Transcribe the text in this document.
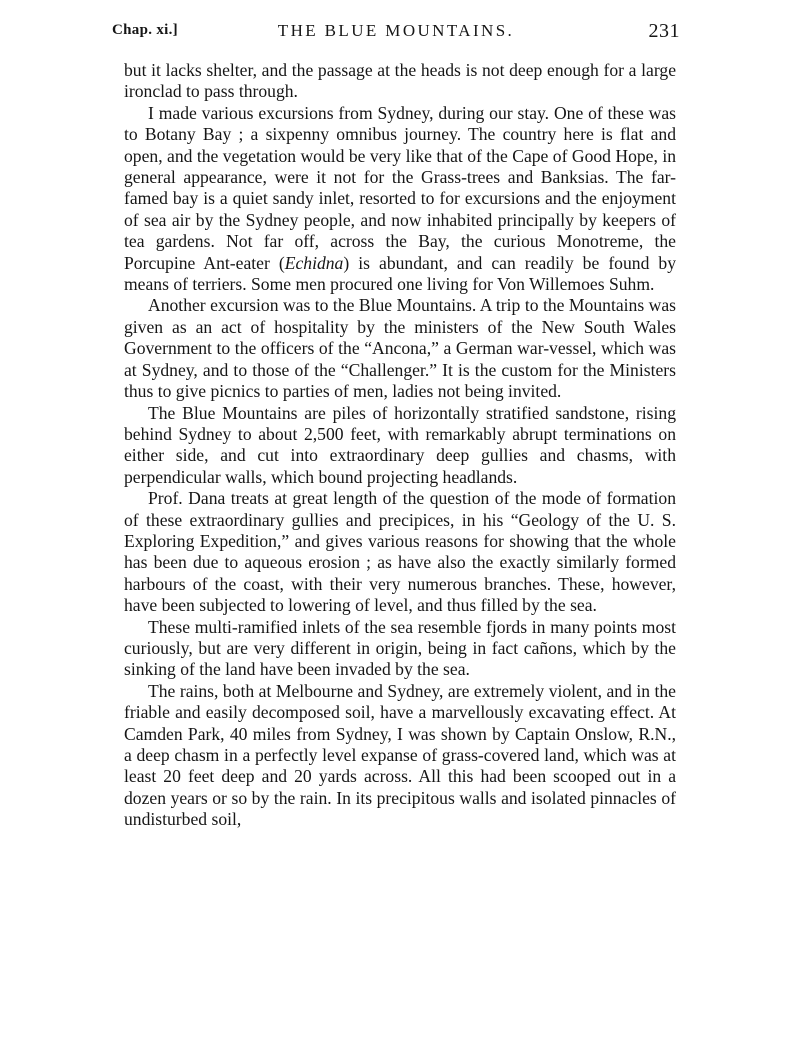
Chap. xi.]	THE BLUE MOUNTAINS.	231

but it lacks shelter, and the passage at the heads is not deep enough for a large ironclad to pass through.

I made various excursions from Sydney, during our stay. One of these was to Botany Bay ; a sixpenny omnibus journey. The country here is flat and open, and the vegetation would be very like that of the Cape of Good Hope, in general appearance, were it not for the Grass-trees and Banksias. The far-famed bay is a quiet sandy inlet, resorted to for excursions and the enjoyment of sea air by the Sydney people, and now inhabited principally by keepers of tea gardens. Not far off, across the Bay, the curious Monotreme, the Porcupine Ant-eater (Echidna) is abundant, and can readily be found by means of terriers. Some men procured one living for Von Willemoes Suhm.

Another excursion was to the Blue Mountains. A trip to the Mountains was given as an act of hospitality by the ministers of the New South Wales Government to the officers of the “Ancona,” a German war-vessel, which was at Sydney, and to those of the “Challenger.” It is the custom for the Ministers thus to give picnics to parties of men, ladies not being invited.

The Blue Mountains are piles of horizontally stratified sandstone, rising behind Sydney to about 2,500 feet, with remarkably abrupt terminations on either side, and cut into extraordinary deep gullies and chasms, with perpendicular walls, which bound projecting headlands.

Prof. Dana treats at great length of the question of the mode of formation of these extraordinary gullies and precipices, in his “Geology of the U. S. Exploring Expedition,” and gives various reasons for showing that the whole has been due to aqueous erosion ; as have also the exactly similarly formed harbours of the coast, with their very numerous branches. These, however, have been subjected to lowering of level, and thus filled by the sea.

These multi-ramified inlets of the sea resemble fjords in many points most curiously, but are very different in origin, being in fact cañons, which by the sinking of the land have been invaded by the sea.

The rains, both at Melbourne and Sydney, are extremely violent, and in the friable and easily decomposed soil, have a marvellously excavating effect. At Camden Park, 40 miles from Sydney, I was shown by Captain Onslow, R.N., a deep chasm in a perfectly level expanse of grass-covered land, which was at least 20 feet deep and 20 yards across. All this had been scooped out in a dozen years or so by the rain. In its precipitous walls and isolated pinnacles of undisturbed soil,
